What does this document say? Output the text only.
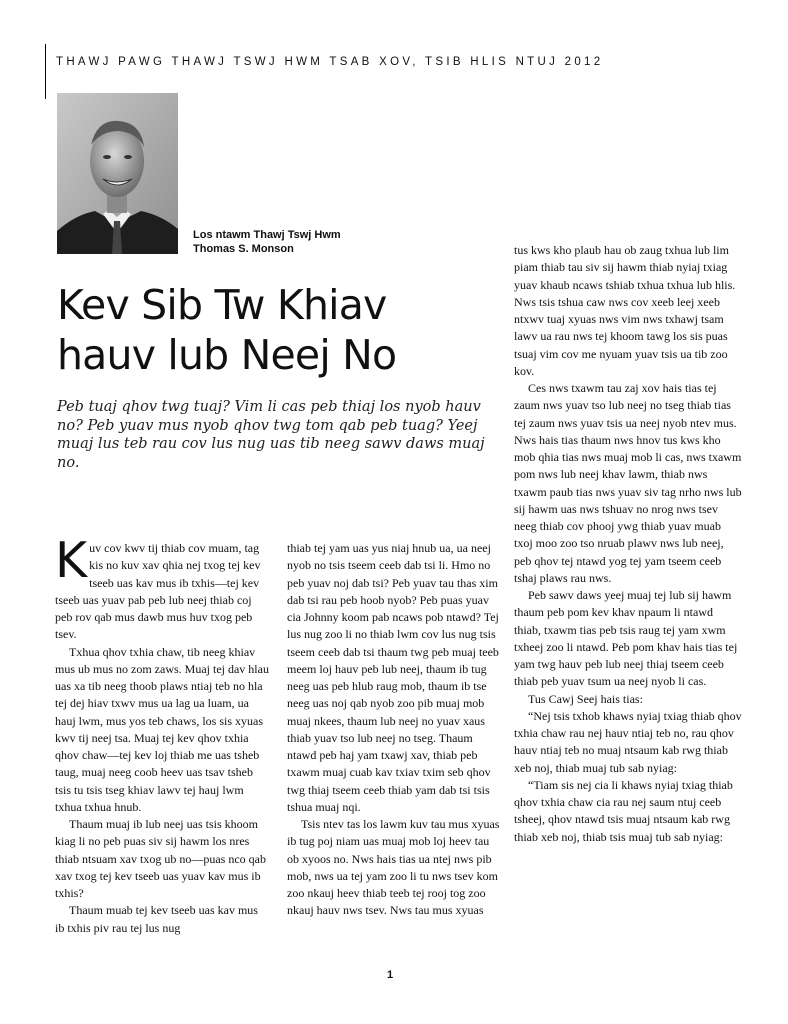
THAWJ PAWG THAWJ TSWJ HWM TSAB XOV, TSIB HLIS NTUJ 2012
Los ntawm Thawj Tswj Hwm
Thomas S. Monson
Kev Sib Tw Khiav
hauv lub Neej No

Peb tuaj qhov twg tuaj? Vim li cas peb thiaj los nyob hauv no? Peb yuav mus nyob qhov twg tom qab peb tuag? Yeej muaj lus teb rau cov lus nug uas tib neeg sawv daws muaj no.

Kuv cov kwv tij thiab cov muam, tag kis no kuv xav qhia nej txog tej kev tseeb uas kav mus ib txhis—tej kev tseeb uas yuav pab peb lub neej thiab coj peb rov qab mus dawb mus huv txog peb tsev.

Txhua qhov txhia chaw, tib neeg khiav mus ub mus no zom zaws. Muaj tej dav hlau uas xa tib neeg thoob plaws ntiaj teb no hla tej dej hiav txwv mus ua lag ua luam, ua hauj lwm, mus yos teb chaws, los sis xyuas kwv tij neej tsa. Muaj tej kev qhov txhia qhov chaw—tej kev loj thiab me uas tsheb taug, muaj neeg coob heev uas tsav tsheb tsis tu tsis tseg khiav lawv tej hauj lwm txhua txhua hnub.

Thaum muaj ib lub neej uas tsis khoom kiag li no peb puas siv sij hawm los nres thiab ntsuam xav txog ub no—puas nco qab xav txog tej kev tseeb uas yuav kav mus ib txhis?

Thaum muab tej kev tseeb uas kav mus ib txhis piv rau tej lus nug

thiab tej yam uas yus niaj hnub ua, ua neej nyob no tsis tseem ceeb dab tsi li. Hmo no peb yuav noj dab tsi? Peb yuav tau thas xim dab tsi rau peb hoob nyob? Peb puas yuav cia Johnny koom pab ncaws pob ntawd? Tej lus nug zoo li no thiab lwm cov lus nug tsis tseem ceeb dab tsi thaum twg peb muaj teeb meem loj hauv peb lub neej, thaum ib tug neeg uas peb hlub raug mob, thaum ib tse neeg uas noj qab nyob zoo pib muaj mob muaj nkees, thaum lub neej no yuav xaus thiab yuav tso lub neej no tseg. Thaum ntawd peb haj yam txawj xav, thiab peb txawm muaj cuab kav txiav txim seb qhov twg thiaj tseem ceeb thiab yam dab tsi tsis tshua muaj nqi.

Tsis ntev tas los lawm kuv tau mus xyuas ib tug poj niam uas muaj mob loj heev tau ob xyoos no. Nws hais tias ua ntej nws pib mob, nws ua tej yam zoo li tu nws tsev kom zoo nkauj heev thiab teeb tej rooj tog zoo nkauj hauv nws tsev. Nws tau mus xyuas

tus kws kho plaub hau ob zaug txhua lub lim piam thiab tau siv sij hawm thiab nyiaj txiag yuav khaub ncaws tshiab txhua txhua lub hlis. Nws tsis tshua caw nws cov xeeb leej xeeb ntxwv tuaj xyuas nws vim nws txhawj tsam lawv ua rau nws tej khoom tawg los sis puas tsuaj vim cov me nyuam yuav tsis ua tib zoo kov.

Ces nws txawm tau zaj xov hais tias tej zaum nws yuav tso lub neej no tseg thiab tias tej zaum nws yuav tsis ua neej nyob ntev mus. Nws hais tias thaum nws hnov tus kws kho mob qhia tias nws muaj mob li cas, nws txawm pom nws lub neej khav lawm, thiab nws txawm paub tias nws yuav siv tag nrho nws lub sij hawm uas nws tshuav no nrog nws tsev neeg thiab cov phooj ywg thiab yuav muab txoj moo zoo tso nruab plawv nws lub neej, peb qhov tej ntawd yog tej yam tseem ceeb tshaj plaws rau nws.

Peb sawv daws yeej muaj tej lub sij hawm thaum peb pom kev khav npaum li ntawd thiab, txawm tias peb tsis raug tej yam xwm txheej zoo li ntawd. Peb pom khav hais tias tej yam twg hauv peb lub neej thiaj tseem ceeb thiab peb yuav tsum ua neej nyob li cas.

Tus Cawj Seej hais tias:

“Nej tsis txhob khaws nyiaj txiag thiab qhov txhia chaw rau nej hauv ntiaj teb no, rau qhov hauv ntiaj teb no muaj ntsaum kab rwg thiab xeb noj, thiab muaj tub sab nyiag:

“Tiam sis nej cia li khaws nyiaj txiag thiab qhov txhia chaw cia rau nej saum ntuj ceeb tsheej, qhov ntawd tsis muaj ntsaum kab rwg thiab xeb noj, thiab tsis muaj tub sab nyiag:

1
